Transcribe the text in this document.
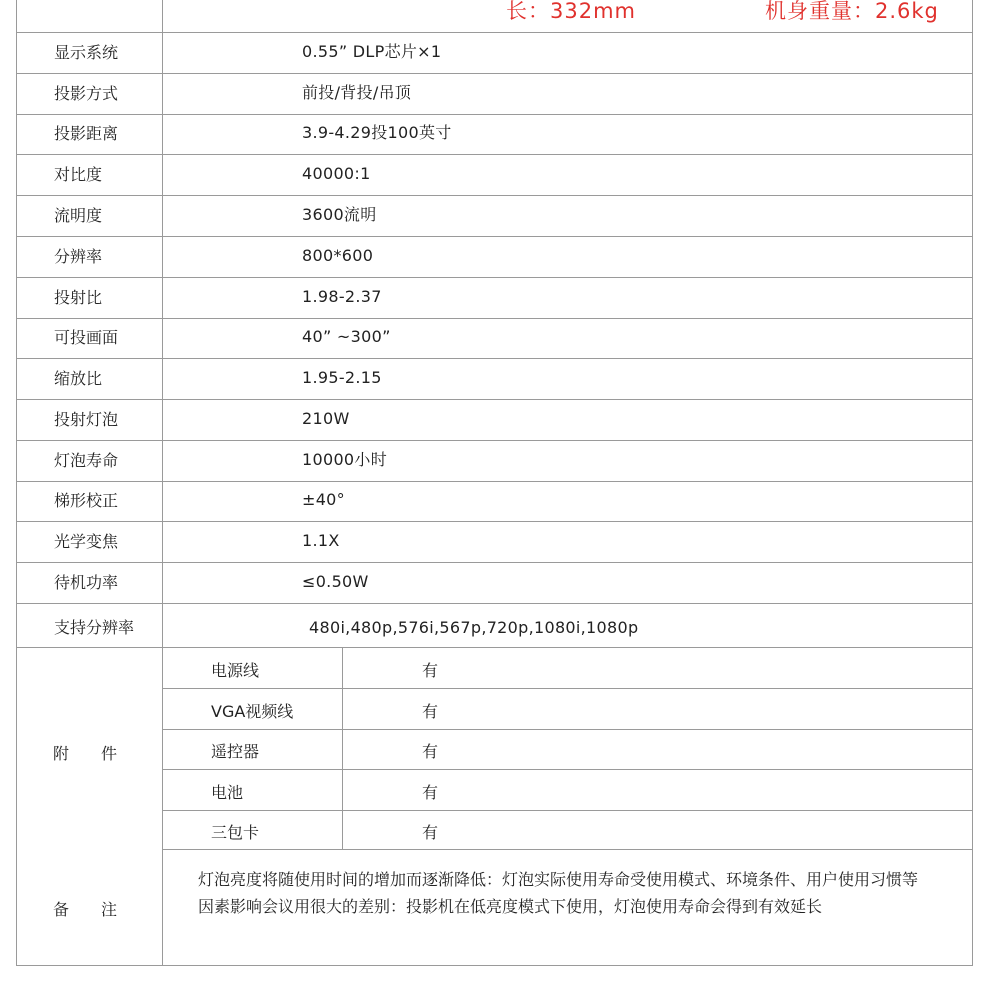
长：332mm	机身重量：2.6kg
显示系统	0.55” DLP芯片×1
投影方式	前投/背投/吊顶
投影距离	3.9-4.29投100英寸
对比度	40000:1
流明度	3600流明
分辨率	800*600
投射比	1.98-2.37
可投画面	40” ~300”
缩放比	1.95-2.15
投射灯泡	210W
灯泡寿命	10000小时
梯形校正	±40°
光学变焦	1.1X
待机功率	≤0.50W
支持分辨率	480i,480p,576i,567p,720p,1080i,1080p
附　　件
电源线	有
VGA视频线	有
遥控器	有
电池	有
三包卡	有
备　　注
灯泡亮度将随使用时间的增加而逐渐降低：灯泡实际使用寿命受使用模式、环境条件、用户使用习惯等因素影响会议用很大的差别：投影机在低亮度模式下使用，灯泡使用寿命会得到有效延长
